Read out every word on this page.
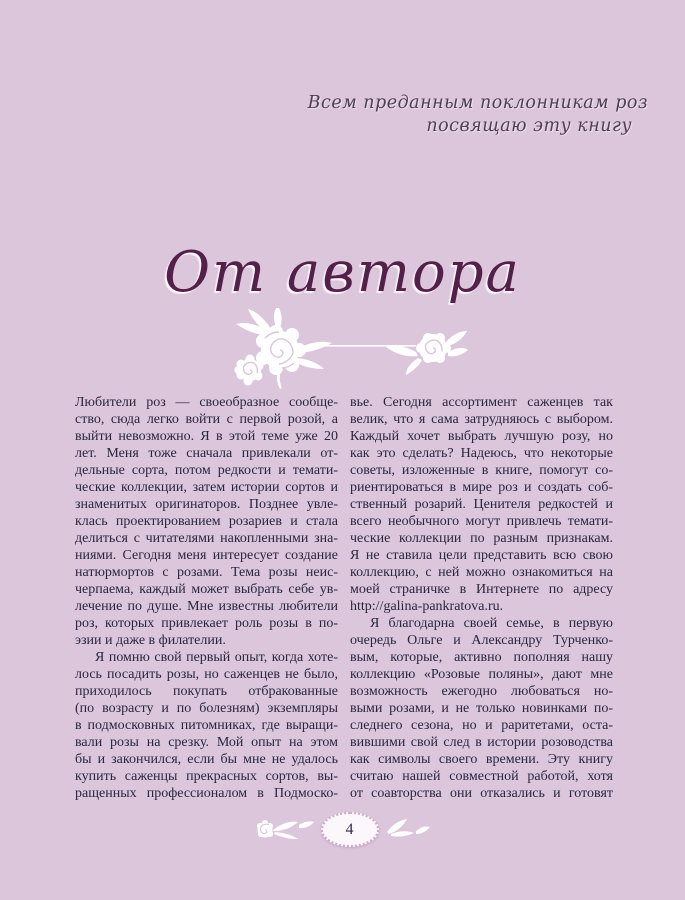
Всем преданным поклонникам роз
посвящаю эту книгу
От автора
Любители роз — своеобразное сообще-
ство, сюда легко войти с первой розой, а
выйти невозможно. Я в этой теме уже 20
лет. Меня тоже сначала привлекали от-
дельные сорта, потом редкости и темати-
ческие коллекции, затем истории сортов и
знаменитых оригинаторов. Позднее увле-
клась проектированием розариев и стала
делиться с читателями накопленными зна-
ниями. Сегодня меня интересует создание
натюрмортов с розами. Тема розы неис-
черпаема, каждый может выбрать себе ув-
лечение по душе. Мне известны любители
роз, которых привлекает роль розы в по-
эзии и даже в филателии.
Я помню свой первый опыт, когда хоте-
лось посадить розы, но саженцев не было,
приходилось покупать отбракованные
(по возрасту и по болезням) экземпляры
в подмосковных питомниках, где выращи-
вали розы на срезку. Мой опыт на этом
бы и закончился, если бы мне не удалось
купить саженцы прекрасных сортов, вы-
ращенных профессионалом в Подмоско-
вье. Сегодня ассортимент саженцев так
велик, что я сама затрудняюсь с выбором.
Каждый хочет выбрать лучшую розу, но
как это сделать? Надеюсь, что некоторые
советы, изложенные в книге, помогут со-
риентироваться в мире роз и создать соб-
ственный розарий. Ценителя редкостей и
всего необычного могут привлечь темати-
ческие коллекции по разным признакам.
Я не ставила цели представить всю свою
коллекцию, с ней можно ознакомиться на
моей страничке в Интернете по адресу
http://galina-pankratova.ru.
Я благодарна своей семье, в первую
очередь Ольге и Александру Турченко-
вым, которые, активно пополняя нашу
коллекцию «Розовые поляны», дают мне
возможность ежегодно любоваться но-
выми розами, и не только новинками по-
следнего сезона, но и раритетами, оста-
вившими свой след в истории розоводства
как символы своего времени. Эту книгу
считаю нашей совместной работой, хотя
от соавторства они отказались и готовят
4
